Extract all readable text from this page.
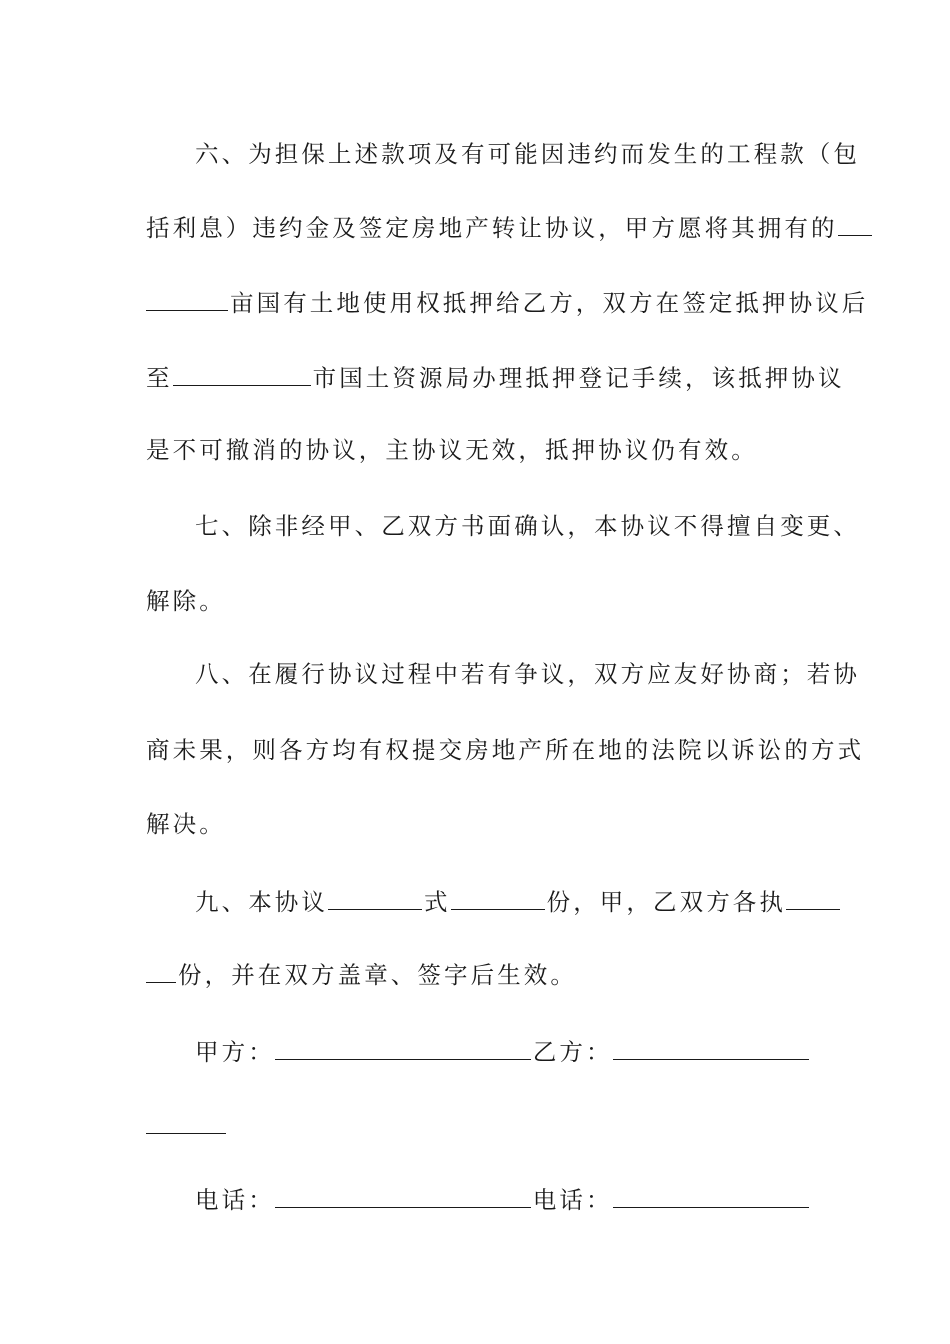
六、为担保上述款项及有可能因违约而发生的工程款（包
括利息）违约金及签定房地产转让协议，甲方愿将其拥有的
亩国有土地使用权抵押给乙方，双方在签定抵押协议后
至	市国土资源局办理抵押登记手续，该抵押协议
是不可撤消的协议，主协议无效，抵押协议仍有效。
七、除非经甲、乙双方书面确认，本协议不得擅自变更、
解除。
八、在履行协议过程中若有争议，双方应友好协商；若协
商未果，则各方均有权提交房地产所在地的法院以诉讼的方式
解决。
九、本协议	式	份，甲，乙双方各执
份，并在双方盖章、签字后生效。
甲方：	乙方：
电话：	电话：
